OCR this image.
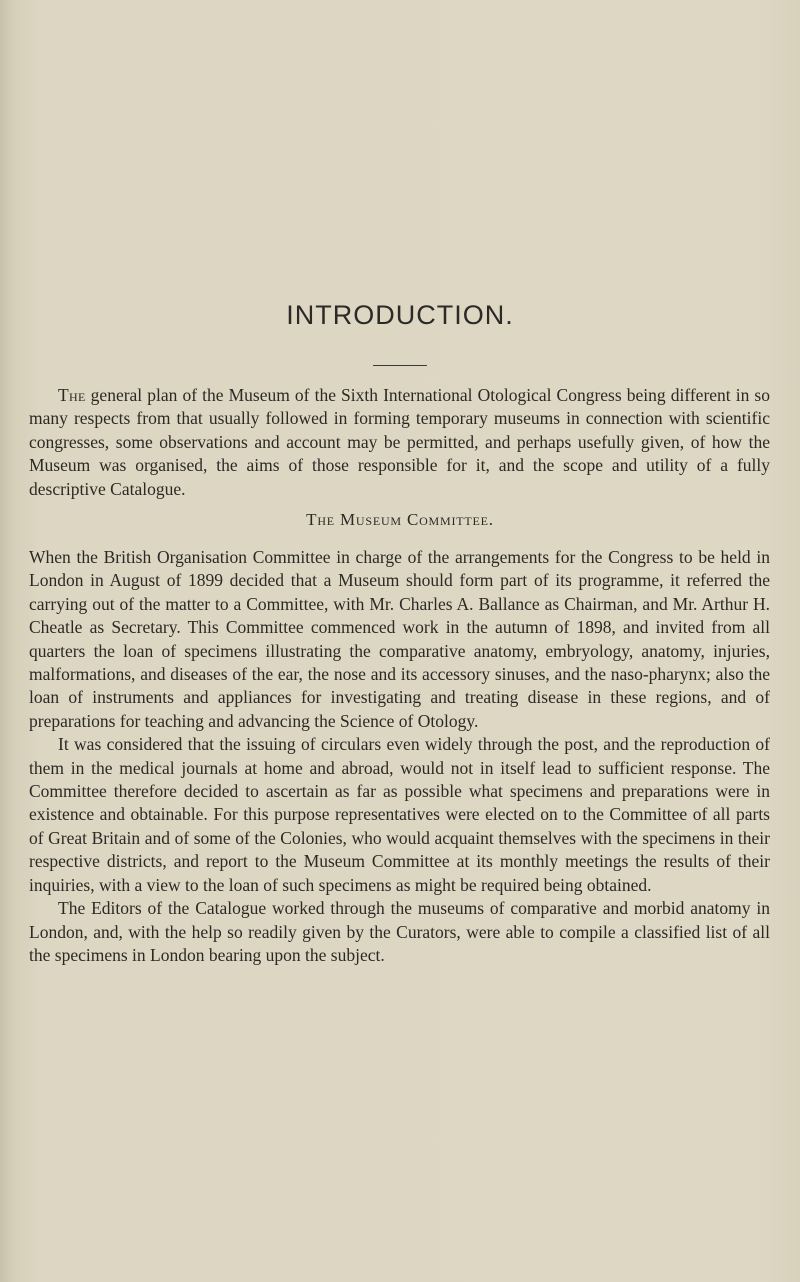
INTRODUCTION.

The general plan of the Museum of the Sixth International Otological Congress being different in so many respects from that usually followed in forming temporary museums in connection with scientific congresses, some observations and account may be permitted, and perhaps usefully given, of how the Museum was organised, the aims of those responsible for it, and the scope and utility of a fully descriptive Catalogue.

The Museum Committee.

When the British Organisation Committee in charge of the arrangements for the Congress to be held in London in August of 1899 decided that a Museum should form part of its programme, it referred the carrying out of the matter to a Committee, with Mr. Charles A. Ballance as Chairman, and Mr. Arthur H. Cheatle as Secretary. This Committee commenced work in the autumn of 1898, and invited from all quarters the loan of specimens illustrating the comparative anatomy, embryology, anatomy, injuries, malformations, and diseases of the ear, the nose and its accessory sinuses, and the naso-pharynx; also the loan of instruments and appliances for investigating and treating disease in these regions, and of preparations for teaching and advancing the Science of Otology.

It was considered that the issuing of circulars even widely through the post, and the reproduction of them in the medical journals at home and abroad, would not in itself lead to sufficient response. The Committee therefore decided to ascertain as far as possible what specimens and preparations were in existence and obtainable. For this purpose representatives were elected on to the Committee of all parts of Great Britain and of some of the Colonies, who would acquaint themselves with the specimens in their respective districts, and report to the Museum Committee at its monthly meetings the results of their inquiries, with a view to the loan of such specimens as might be required being obtained.

The Editors of the Catalogue worked through the museums of comparative and morbid anatomy in London, and, with the help so readily given by the Curators, were able to compile a classified list of all the specimens in London bearing upon the subject.
